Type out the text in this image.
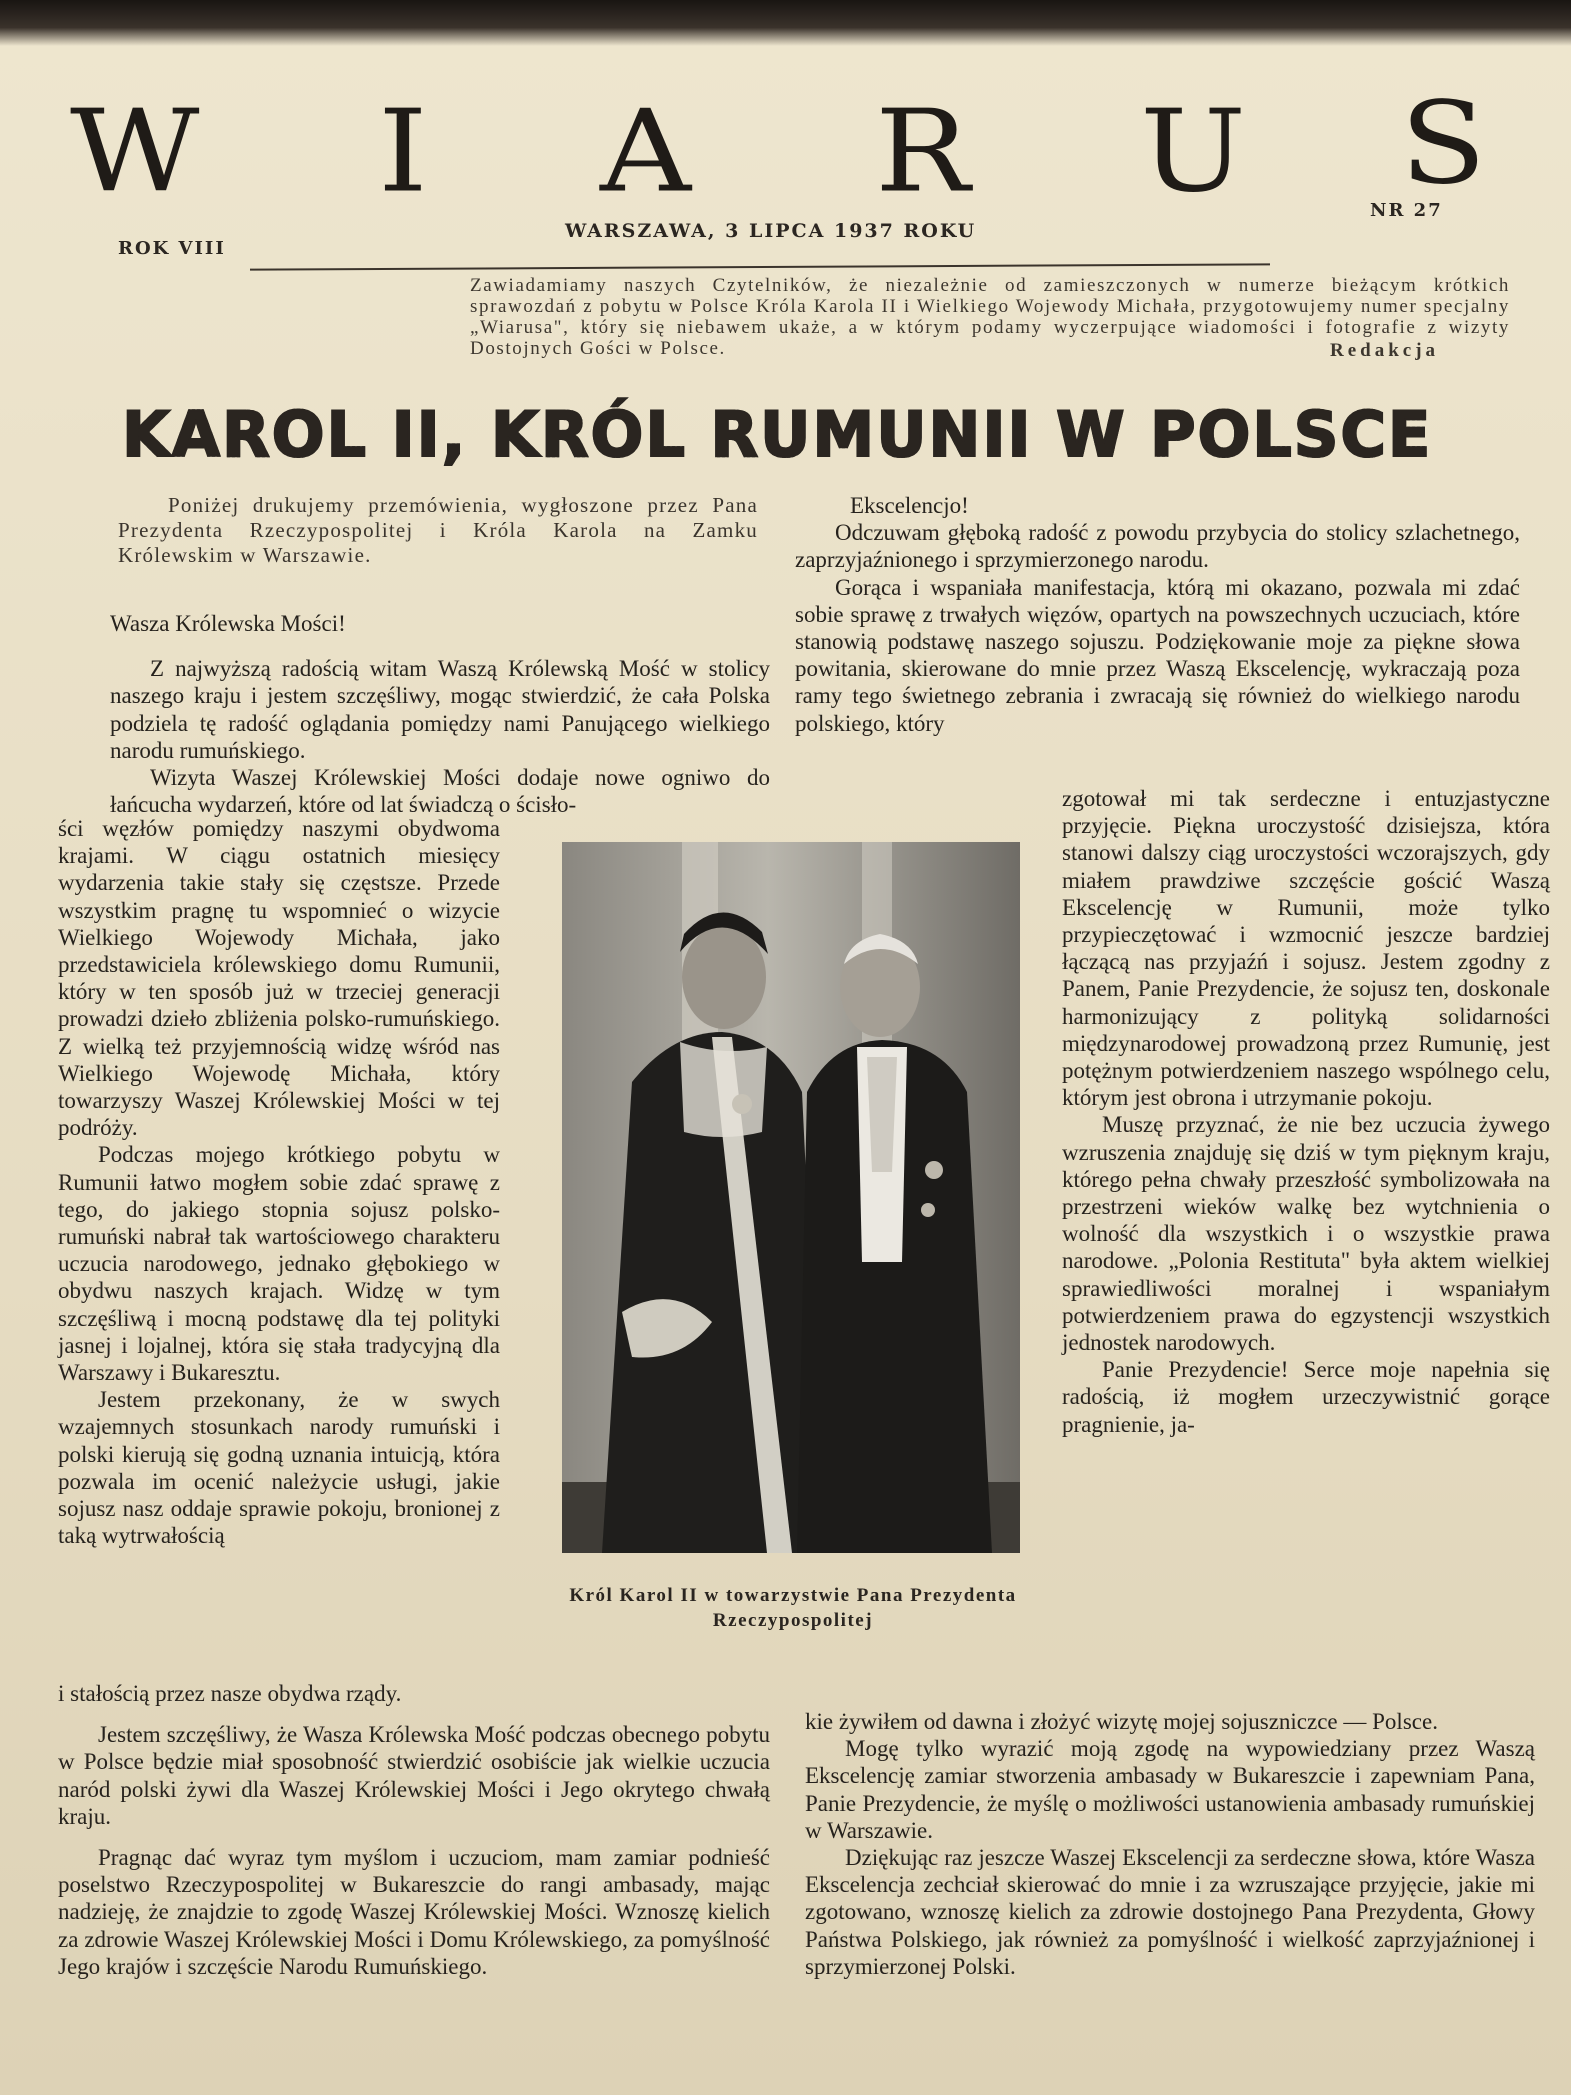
W I A R U S
ROK VIII
WARSZAWA, 3 LIPCA 1937 ROKU
NR 27
Zawiadamiamy naszych Czytelników, że niezależnie od zamieszczonych w numerze bieżącym krótkich sprawozdań z pobytu w Polsce Króla Karola II i Wielkiego Wojewody Michała, przygotowujemy numer specjalny „Wiarusa", który się niebawem ukaże, a w którym podamy wyczerpujące wiadomości i fotografie z wizyty Dostojnych Gości w Polsce.	Redakcja
KAROL II, KRÓL RUMUNII W POLSCE
Poniżej drukujemy przemówienia, wygłoszone przez Pana Prezydenta Rzeczypospolitej i Króla Karola na Zamku Królewskim w Warszawie.

Wasza Królewska Mości!

Z najwyższą radością witam Waszą Królewską Mość w stolicy naszego kraju i jestem szczęśliwy, mogąc stwierdzić, że cała Polska podziela tę radość oglądania pomiędzy nami Panującego wielkiego narodu rumuńskiego.

Wizyta Waszej Królewskiej Mości dodaje nowe ogniwo do łańcucha wydarzeń, które od lat świadczą o ścisło-

ści węzłów pomiędzy naszymi obydwoma krajami. W ciągu ostatnich miesięcy wydarzenia takie stały się częstsze. Przede wszystkim pragnę tu wspomnieć o wizycie Wielkiego Wojewody Michała, jako przedstawiciela królewskiego domu Rumunii, który w ten sposób już w trzeciej generacji prowadzi dzieło zbliżenia polsko-rumuńskiego. Z wielką też przyjemnością widzę wśród nas Wielkiego Wojewodę Michała, który towarzyszy Waszej Królewskiej Mości w tej podróży.

Podczas mojego krótkiego pobytu w Rumunii łatwo mogłem sobie zdać sprawę z tego, do jakiego stopnia sojusz polsko-rumuński nabrał tak wartościowego charakteru uczucia narodowego, jednako głębokiego w obydwu naszych krajach. Widzę w tym szczęśliwą i mocną podstawę dla tej polityki jasnej i lojalnej, która się stała tradycyjną dla Warszawy i Bukaresztu.

Jestem przekonany, że w swych wzajemnych stosunkach narody rumuński i polski kierują się godną uznania intuicją, która pozwala im ocenić należycie usługi, jakie sojusz nasz oddaje sprawie pokoju, bronionej z taką wytrwałością

i stałością przez nasze obydwa rządy.

Jestem szczęśliwy, że Wasza Królewska Mość podczas obecnego pobytu w Polsce będzie miał sposobność stwierdzić osobiście jak wielkie uczucia naród polski żywi dla Waszej Królewskiej Mości i Jego okrytego chwałą kraju.

Pragnąc dać wyraz tym myślom i uczuciom, mam zamiar podnieść poselstwo Rzeczypospolitej w Bukareszcie do rangi ambasady, mając nadzieję, że znajdzie to zgodę Waszej Królewskiej Mości. Wznoszę kielich za zdrowie Waszej Królewskiej Mości i Domu Królewskiego, za pomyślność Jego krajów i szczęście Narodu Rumuńskiego.

Ekscelencjo!

Odczuwam głęboką radość z powodu przybycia do stolicy szlachetnego, zaprzyjaźnionego i sprzymierzonego narodu.

Gorąca i wspaniała manifestacja, którą mi okazano, pozwala mi zdać sobie sprawę z trwałych więzów, opartych na powszechnych uczuciach, które stanowią podstawę naszego sojuszu. Podziękowanie moje za piękne słowa powitania, skierowane do mnie przez Waszą Ekscelencję, wykraczają poza ramy tego świetnego zebrania i zwracają się również do wielkiego narodu polskiego, który

zgotował mi tak serdeczne i entuzjastyczne przyjęcie. Piękna uroczystość dzisiejsza, która stanowi dalszy ciąg uroczystości wczorajszych, gdy miałem prawdziwe szczęście gościć Waszą Ekscelencję w Rumunii, może tylko przypieczętować i wzmocnić jeszcze bardziej łączącą nas przyjaźń i sojusz. Jestem zgodny z Panem, Panie Prezydencie, że sojusz ten, doskonale harmonizujący z polityką solidarności międzynarodowej prowadzoną przez Rumunię, jest potężnym potwierdzeniem naszego wspólnego celu, którym jest obrona i utrzymanie pokoju.

Muszę przyznać, że nie bez uczucia żywego wzruszenia znajduję się dziś w tym pięknym kraju, którego pełna chwały przeszłość symbolizowała na przestrzeni wieków walkę bez wytchnienia o wolność dla wszystkich i o wszystkie prawa narodowe. „Polonia Restituta" była aktem wielkiej sprawiedliwości moralnej i wspaniałym potwierdzeniem prawa do egzystencji wszystkich jednostek narodowych.

Panie Prezydencie! Serce moje napełnia się radością, iż mogłem urzeczywistnić gorące pragnienie, ja-

kie żywiłem od dawna i złożyć wizytę mojej sojuszniczce — Polsce.

Mogę tylko wyrazić moją zgodę na wypowiedziany przez Waszą Ekscelencję zamiar stworzenia ambasady w Bukareszcie i zapewniam Pana, Panie Prezydencie, że myślę o możliwości ustanowienia ambasady rumuńskiej w Warszawie.

Dziękując raz jeszcze Waszej Ekscelencji za serdeczne słowa, które Wasza Ekscelencja zechciał skierować do mnie i za wzruszające przyjęcie, jakie mi zgotowano, wznoszę kielich za zdrowie dostojnego Pana Prezydenta, Głowy Państwa Polskiego, jak również za pomyślność i wielkość zaprzyjaźnionej i sprzymierzonej Polski.

Król Karol II w towarzystwie Pana Prezydenta Rzeczypospolitej
